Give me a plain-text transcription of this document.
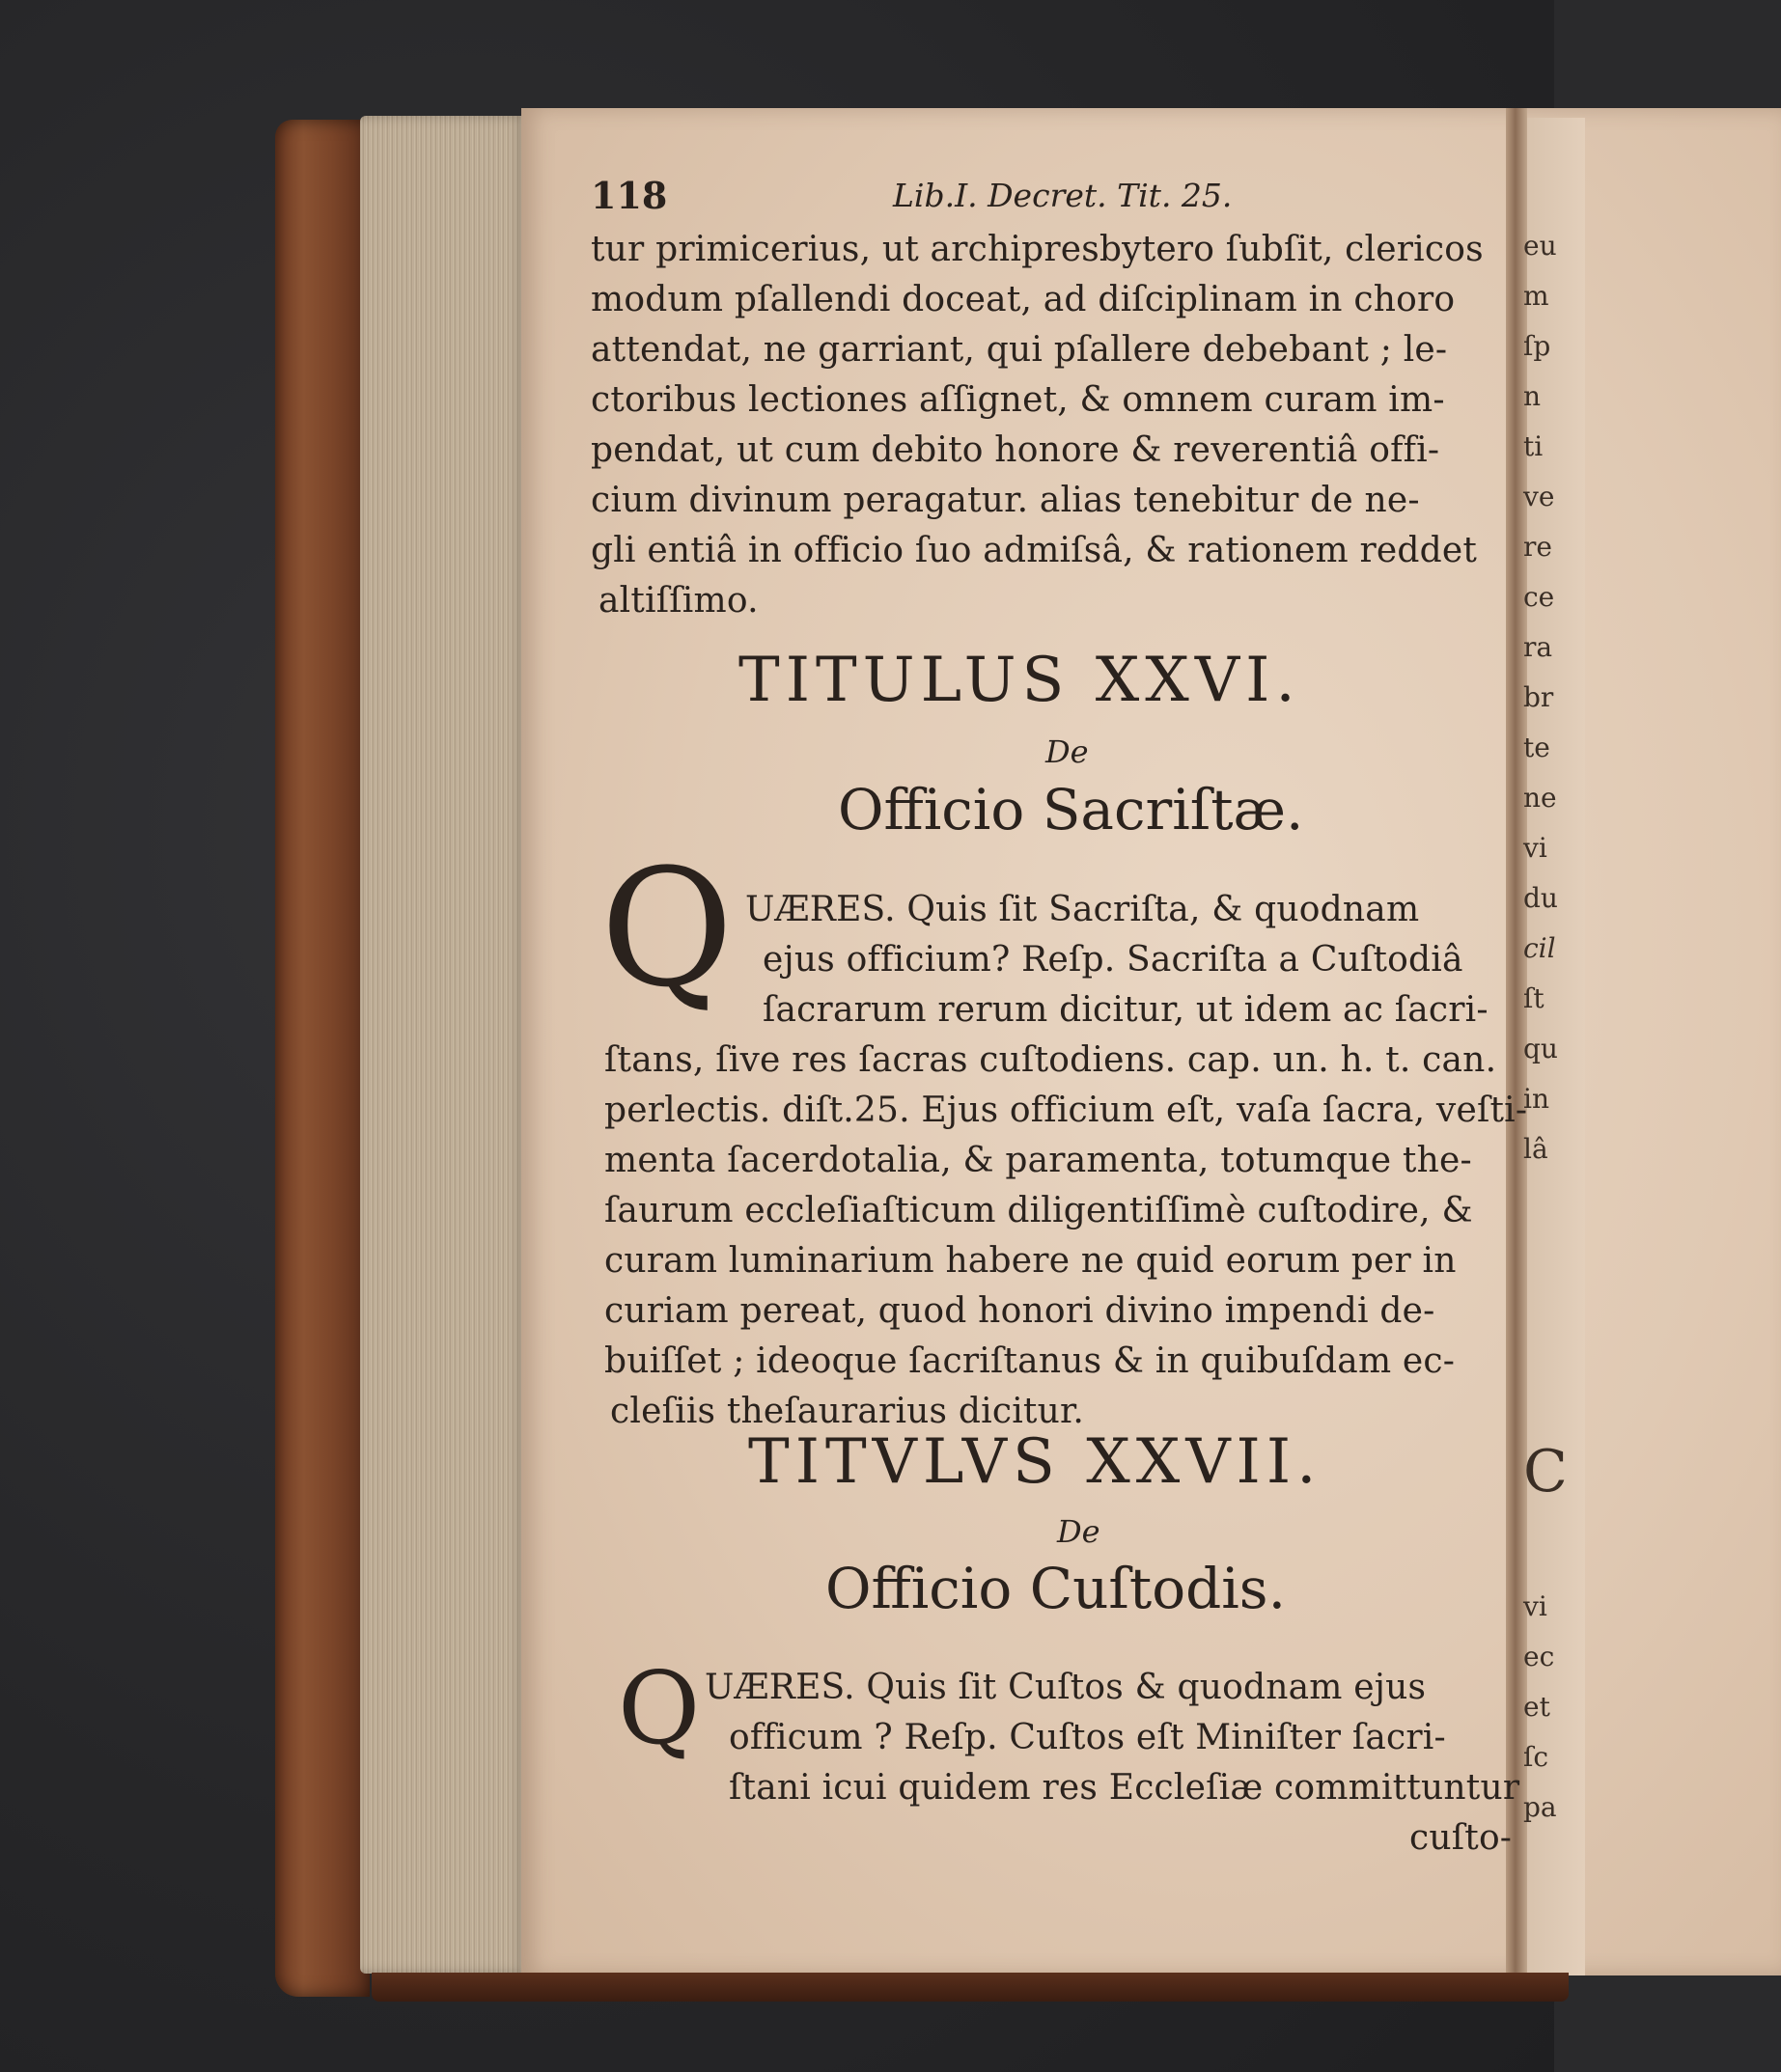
118	Lib.I. Decret. Tit. 25.
tur primicerius, ut archipresbytero ſubſit, clericos
modum pſallendi doceat, ad diſciplinam in choro
attendat, ne garriant, qui pſallere debebant ; le-
ctoribus lectiones aſſignet, & omnem curam im-
pendat, ut cum debito honore & reverentiâ offi-
cium divinum peragatur. alias tenebitur de ne-
gli entiâ in officio ſuo admiſsâ, & rationem reddet
altiſſimo.
TITULUS XXVI.
De
Officio Sacriſtæ.
Q UÆRES. Quis ſit Sacriſta, & quodnam
ejus officium? Reſp. Sacriſta a Cuſtodiâ
ſacrarum rerum dicitur, ut idem ac ſacri-
ſtans, ſive res ſacras cuſtodiens. cap. un. h. t. can.
perlectis. diſt.25. Ejus officium eſt, vaſa ſacra, veſti-
menta ſacerdotalia, & paramenta, totumque the-
ſaurum eccleſiaſticum diligentiſſimè cuſtodire, &
curam luminarium habere ne quid eorum per in
curiam pereat, quod honori divino impendi de-
buiſſet ; ideoque ſacriſtanus & in quibuſdam ec-
cleſiis theſaurarius dicitur.
TITVLVS XXVII.
De
Officio Cuſtodis.
Q UÆRES. Quis ſit Cuſtos & quodnam ejus
officum ? Reſp. Cuſtos eſt Miniſter ſacri-
ſtani icui quidem res Eccleſiæ committuntur
cuſto-
eu
m
ſp
n
ti
ve
re
ce
ra
br
te
ne
vi
du
cil
ſt
qu
in
lâ
C
vi
ec
et
ſc
pa
